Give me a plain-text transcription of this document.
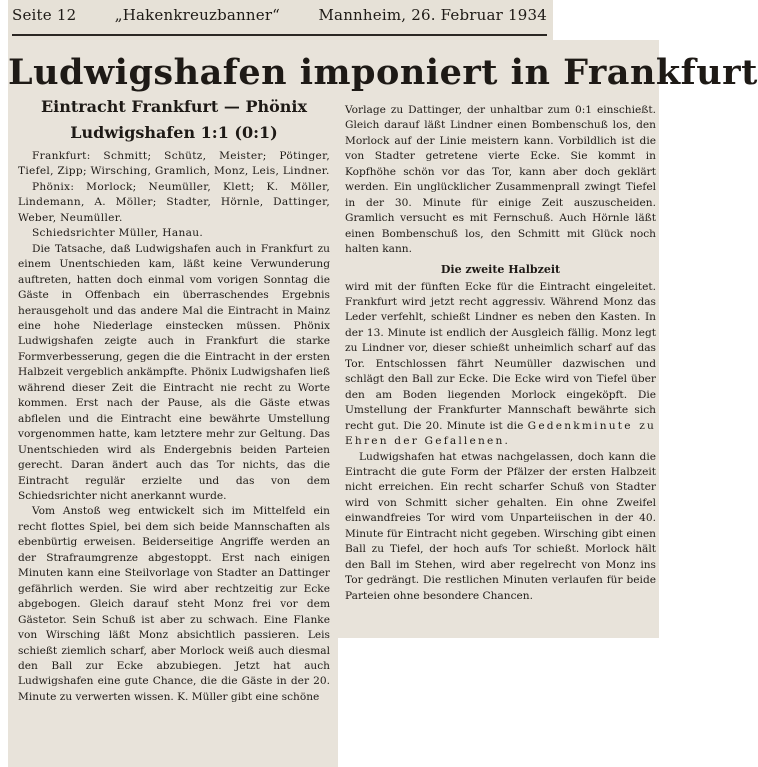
Seite 12	„Hakenkreuzbanner“	Mannheim, 26. Februar 1934
Ludwigshafen imponiert in Frankfurt
Eintracht Frankfurt — Phönix
Ludwigshafen 1:1 (0:1)

Frankfurt: Schmitt; Schütz, Meister; Pötinger, Tiefel, Zipp; Wirsching, Gramlich, Monz, Leis, Lindner.

Phönix: Morlock; Neumüller, Klett; K. Möller, Lindemann, A. Möller; Stadter, Hörnle, Dattinger, Weber, Neumüller.

Schiedsrichter Müller, Hanau.

Die Tatsache, daß Ludwigshafen auch in Frankfurt zu einem Unentschieden kam, läßt keine Verwunderung auftreten, hatten doch einmal vom vorigen Sonntag die Gäste in Offenbach ein überraschendes Ergebnis herausgeholt und das andere Mal die Eintracht in Mainz eine hohe Niederlage einstecken müssen. Phönix Ludwigshafen zeigte auch in Frankfurt die starke Formverbesserung, gegen die die Eintracht in der ersten Halbzeit vergeblich ankämpfte. Phönix Ludwigshafen ließ während dieser Zeit die Eintracht nie recht zu Worte kommen. Erst nach der Pause, als die Gäste etwas abflelen und die Eintracht eine bewährte Umstellung vorgenommen hatte, kam letztere mehr zur Geltung. Das Unentschieden wird als Endergebnis beiden Parteien gerecht. Daran ändert auch das Tor nichts, das die Eintracht regulär erzielte und das von dem Schiedsrichter nicht anerkannt wurde.

Vom Anstoß weg entwickelt sich im Mittelfeld ein recht flottes Spiel, bei dem sich beide Mannschaften als ebenbürtig erweisen. Beiderseitige Angriffe werden an der Strafraumgrenze abgestoppt. Erst nach einigen Minuten kann eine Steilvorlage von Stadter an Dattinger gefährlich werden. Sie wird aber rechtzeitig zur Ecke abgebogen. Gleich darauf steht Monz frei vor dem Gästetor. Sein Schuß ist aber zu schwach. Eine Flanke von Wirsching läßt Monz absichtlich passieren. Leis schießt ziemlich scharf, aber Morlock weiß auch diesmal den Ball zur Ecke abzubiegen. Jetzt hat auch Ludwigshafen eine gute Chance, die die Gäste in der 20. Minute zu verwerten wissen. K. Müller gibt eine schöne

Vorlage zu Dattinger, der unhaltbar zum 0:1 einschießt. Gleich darauf läßt Lindner einen Bombenschuß los, den Morlock auf der Linie meistern kann. Vorbildlich ist die von Stadter getretene vierte Ecke. Sie kommt in Kopfhöhe schön vor das Tor, kann aber doch geklärt werden. Ein unglücklicher Zusammenprall zwingt Tiefel in der 30. Minute für einige Zeit auszuscheiden. Gramlich versucht es mit Fernschuß. Auch Hörnle läßt einen Bombenschuß los, den Schmitt mit Glück noch halten kann.

Die zweite Halbzeit

wird mit der fünften Ecke für die Eintracht eingeleitet. Frankfurt wird jetzt recht aggressiv. Während Monz das Leder verfehlt, schießt Lindner es neben den Kasten. In der 13. Minute ist endlich der Ausgleich fällig. Monz legt zu Lindner vor, dieser schießt unheimlich scharf auf das Tor. Entschlossen fährt Neumüller dazwischen und schlägt den Ball zur Ecke. Die Ecke wird von Tiefel über den am Boden liegenden Morlock eingeköpft. Die Umstellung der Frankfurter Mannschaft bewährte sich recht gut. Die 20. Minute ist die Gedenkminute zu Ehren der Gefallenen.

Ludwigshafen hat etwas nachgelassen, doch kann die Eintracht die gute Form der Pfälzer der ersten Halbzeit nicht erreichen. Ein recht scharfer Schuß von Stadter wird von Schmitt sicher gehalten. Ein ohne Zweifel einwandfreies Tor wird vom Unparteiischen in der 40. Minute für Eintracht nicht gegeben. Wirsching gibt einen Ball zu Tiefel, der hoch aufs Tor schießt. Morlock hält den Ball im Stehen, wird aber regelrecht von Monz ins Tor gedrängt. Die restlichen Minuten verlaufen für beide Parteien ohne besondere Chancen.
